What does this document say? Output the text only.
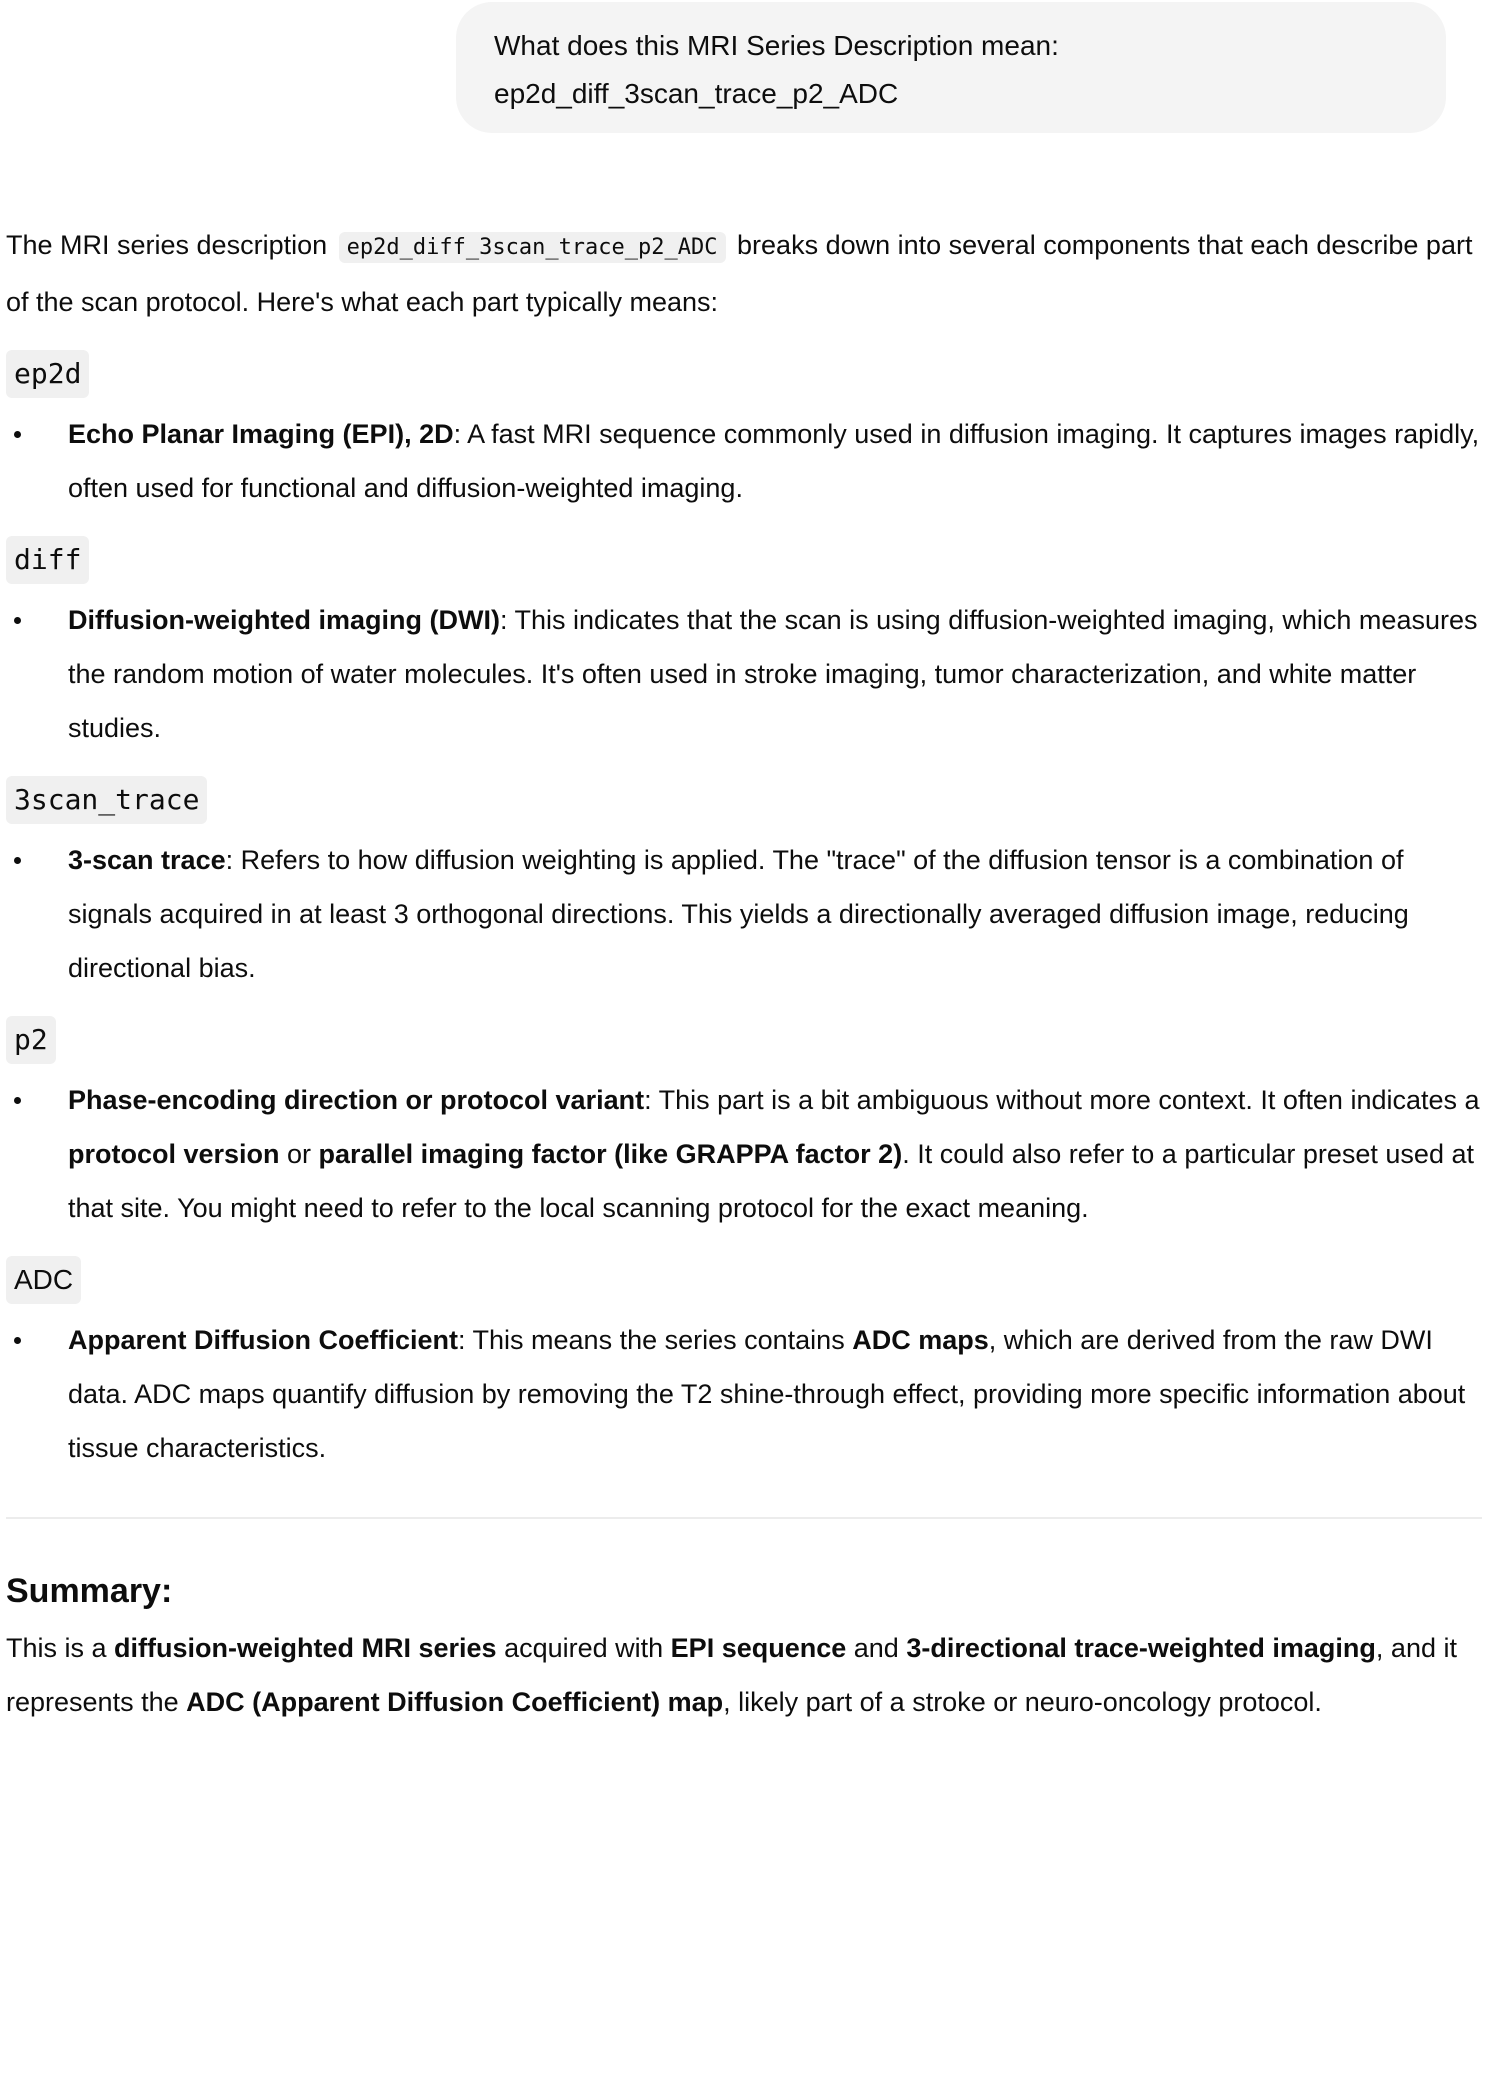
What does this MRI Series Description mean:
ep2d_diff_3scan_trace_p2_ADC

The MRI series description ep2d_diff_3scan_trace_p2_ADC breaks down into several components that each describe part of the scan protocol. Here's what each part typically means:

ep2d
Echo Planar Imaging (EPI), 2D: A fast MRI sequence commonly used in diffusion imaging. It captures images rapidly, often used for functional and diffusion-weighted imaging.
diff
Diffusion-weighted imaging (DWI): This indicates that the scan is using diffusion-weighted imaging, which measures the random motion of water molecules. It's often used in stroke imaging, tumor characterization, and white matter studies.
3scan_trace
3-scan trace: Refers to how diffusion weighting is applied. The "trace" of the diffusion tensor is a combination of signals acquired in at least 3 orthogonal directions. This yields a directionally averaged diffusion image, reducing directional bias.
p2
Phase-encoding direction or protocol variant: This part is a bit ambiguous without more context. It often indicates a protocol version or parallel imaging factor (like GRAPPA factor 2). It could also refer to a particular preset used at that site. You might need to refer to the local scanning protocol for the exact meaning.
ADC
Apparent Diffusion Coefficient: This means the series contains ADC maps, which are derived from the raw DWI data. ADC maps quantify diffusion by removing the T2 shine-through effect, providing more specific information about tissue characteristics.
Summary:

This is a diffusion-weighted MRI series acquired with EPI sequence and 3-directional trace-weighted imaging, and it represents the ADC (Apparent Diffusion Coefficient) map, likely part of a stroke or neuro-oncology protocol.
